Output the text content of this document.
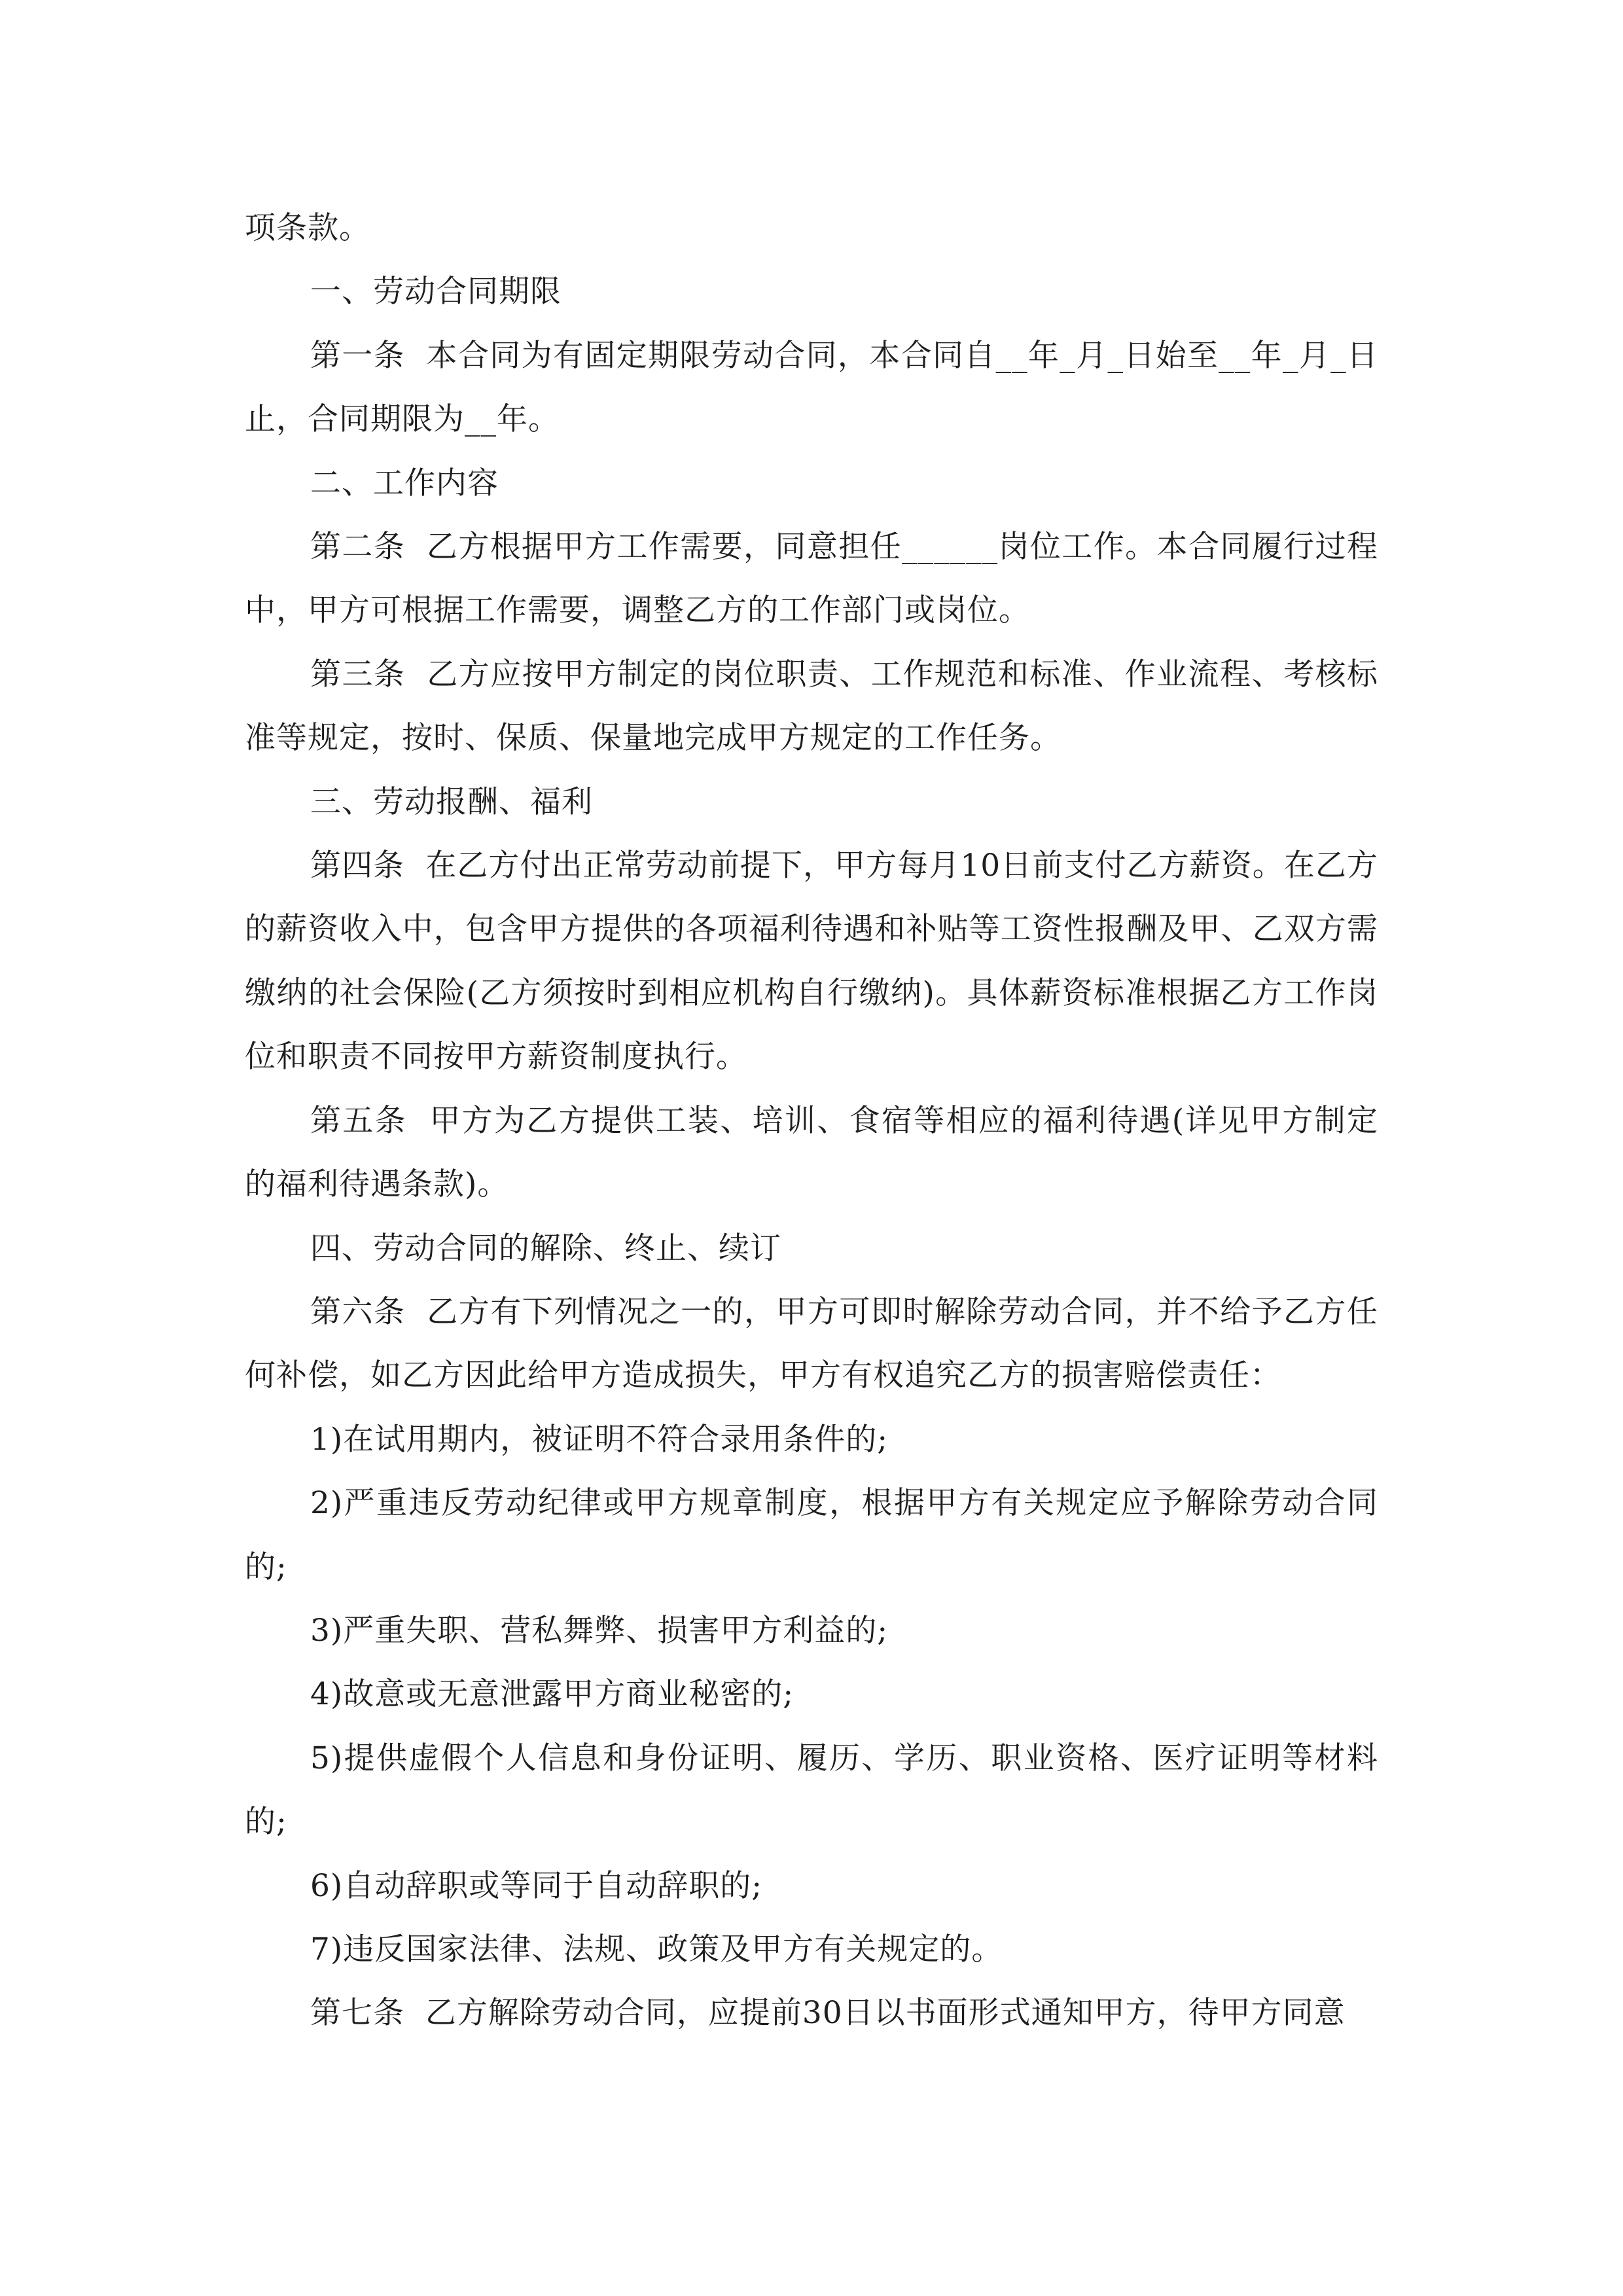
项条款。

一、劳动合同期限

第一条  本合同为有固定期限劳动合同，本合同自__年_月_日始至__年_月_日止，合同期限为__年。

二、工作内容

第二条  乙方根据甲方工作需要，同意担任______岗位工作。本合同履行过程中，甲方可根据工作需要，调整乙方的工作部门或岗位。

第三条  乙方应按甲方制定的岗位职责、工作规范和标准、作业流程、考核标准等规定，按时、保质、保量地完成甲方规定的工作任务。

三、劳动报酬、福利

第四条  在乙方付出正常劳动前提下，甲方每月10日前支付乙方薪资。在乙方的薪资收入中，包含甲方提供的各项福利待遇和补贴等工资性报酬及甲、乙双方需缴纳的社会保险(乙方须按时到相应机构自行缴纳)。具体薪资标准根据乙方工作岗位和职责不同按甲方薪资制度执行。

第五条  甲方为乙方提供工装、培训、食宿等相应的福利待遇(详见甲方制定的福利待遇条款)。

四、劳动合同的解除、终止、续订

第六条  乙方有下列情况之一的，甲方可即时解除劳动合同，并不给予乙方任何补偿，如乙方因此给甲方造成损失，甲方有权追究乙方的损害赔偿责任：

1)在试用期内，被证明不符合录用条件的;

2)严重违反劳动纪律或甲方规章制度，根据甲方有关规定应予解除劳动合同的;

3)严重失职、营私舞弊、损害甲方利益的;

4)故意或无意泄露甲方商业秘密的;

5)提供虚假个人信息和身份证明、履历、学历、职业资格、医疗证明等材料的;

6)自动辞职或等同于自动辞职的;

7)违反国家法律、法规、政策及甲方有关规定的。

第七条  乙方解除劳动合同，应提前30日以书面形式通知甲方，待甲方同意
